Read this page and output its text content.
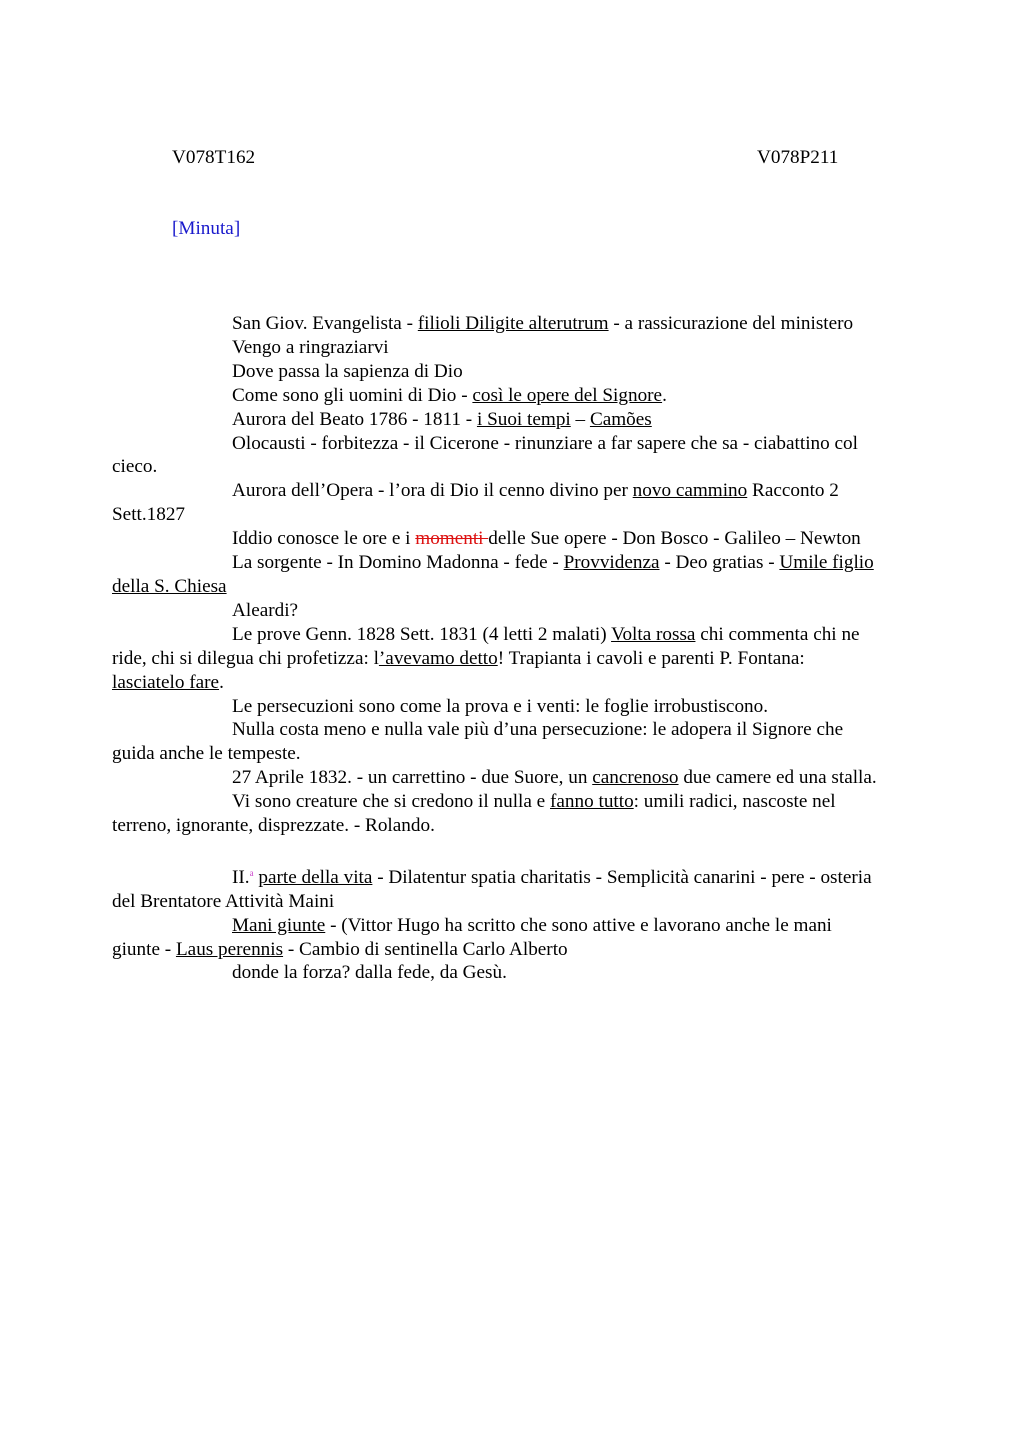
V078T162	V078P211
[Minuta]

San Giov. Evangelista - filioli Diligite alterutrum - a rassicurazione del ministero

Vengo a ringraziarvi

Dove passa la sapienza di Dio

Come sono gli uomini di Dio - così le opere del Signore.

Aurora del Beato 1786 - 1811 - i Suoi tempi – Camões

Olocausti - forbitezza - il Cicerone - rinunziare a far sapere che sa - ciabattino col
cieco.

Aurora dell’Opera - l’ora di Dio il cenno divino per novo cammino Racconto 2
Sett.1827

Iddio conosce le ore e i momenti delle Sue opere - Don Bosco - Galileo – Newton

La sorgente - In Domino Madonna - fede - Provvidenza - Deo gratias - Umile figlio
della S. Chiesa

Aleardi?

Le prove Genn. 1828 Sett. 1831 (4 letti 2 malati) Volta rossa chi commenta chi ne
ride, chi si dilegua chi profetizza: l’avevamo detto! Trapianta i cavoli e parenti P. Fontana:
lasciatelo fare.

Le persecuzioni sono come la prova e i venti: le foglie irrobustiscono.

Nulla costa meno e nulla vale più d’una persecuzione: le adopera il Signore che
guida anche le tempeste.

27 Aprile 1832. - un carrettino - due Suore, un cancrenoso due camere ed una stalla.

Vi sono creature che si credono il nulla e fanno tutto: umili radici, nascoste nel
terreno, ignorante, disprezzate. - Rolando.

II.$^a$ parte della vita - Dilatentur spatia charitatis - Semplicità canarini - pere - osteria
del Brentatore Attività Maini

Mani giunte - (Vittor Hugo ha scritto che sono attive e lavorano anche le mani
giunte - Laus perennis - Cambio di sentinella Carlo Alberto

donde la forza? dalla fede, da Gesù.
